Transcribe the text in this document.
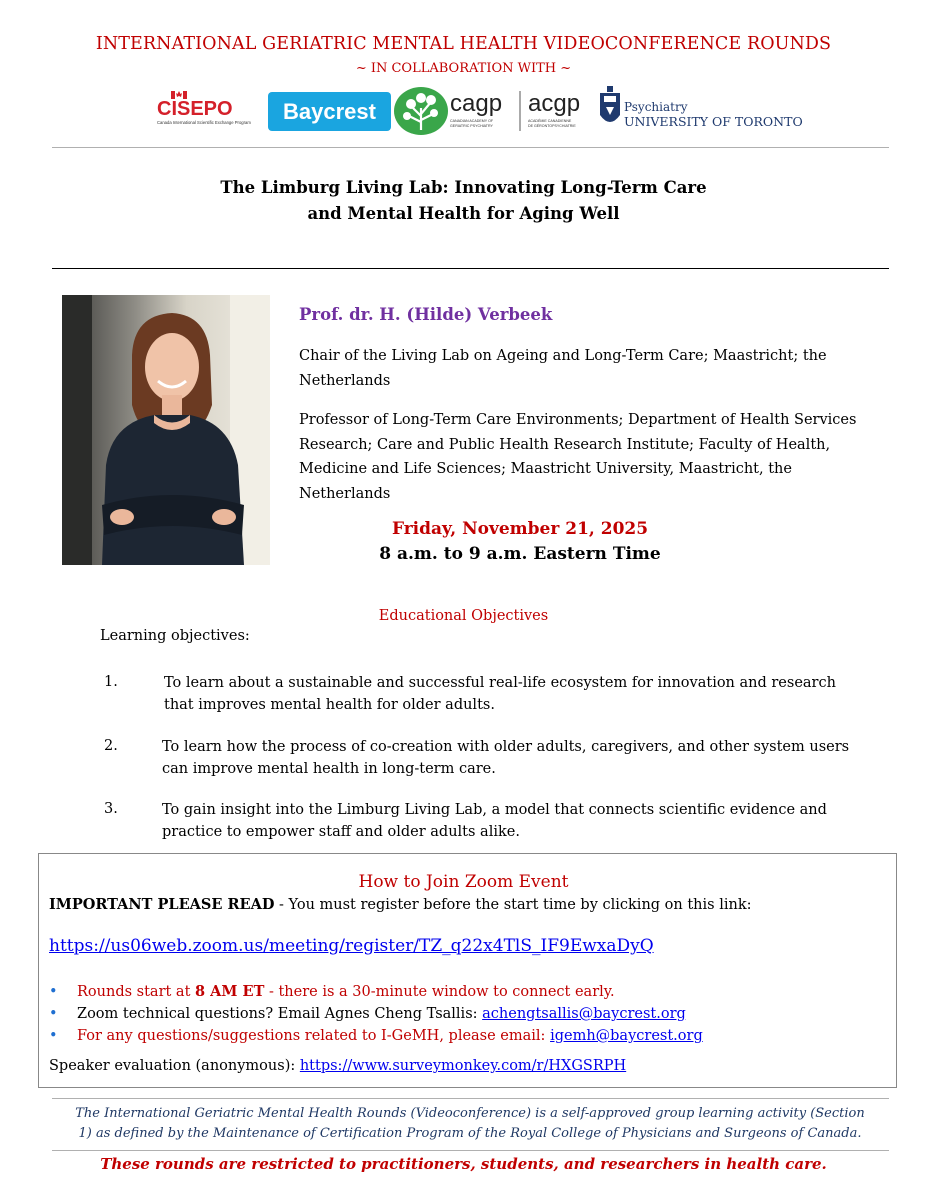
INTERNATIONAL GERIATRIC MENTAL HEALTH VIDEOCONFERENCE ROUNDS
~ IN COLLABORATION WITH ~
CISEPO
Canada International Scientific Exchange Program	Baycrest	cagp
CANADIAN ACADEMY OF
GERIATRIC PSYCHIATRY
acgp
ACADÉMIE CANADIENNE
DE GÉRONTOPSYCHIATRIE
Psychiatry
UNIVERSITY OF TORONTO
The Limburg Living Lab: Innovating Long-Term Care
and Mental Health for Aging Well
Prof. dr. H. (Hilde) Verbeek
Chair of the Living Lab on Ageing and Long-Term Care; Maastricht; the Netherlands
Professor of Long-Term Care Environments; Department of Health Services Research; Care and Public Health Research Institute; Faculty of Health, Medicine and Life Sciences; Maastricht University, Maastricht, the Netherlands
Friday, November 21, 2025
8 a.m. to 9 a.m. Eastern Time
Educational Objectives
Learning objectives:
1.	To learn about a sustainable and successful real-life ecosystem for innovation and research
that improves mental health for older adults.
2.	To learn how the process of co-creation with older adults, caregivers, and other system users
can improve mental health in long-term care.
3.	To gain insight into the Limburg Living Lab, a model that connects scientific evidence and
practice to empower staff and older adults alike.
How to Join Zoom Event
IMPORTANT PLEASE READ - You must register before the start time by clicking on this link:
https://us06web.zoom.us/meeting/register/TZ_q22x4TlS_IF9EwxaDyQ
• Rounds start at 8 AM ET - there is a 30-minute window to connect early.
• Zoom technical questions? Email Agnes Cheng Tsallis: achengtsallis@baycrest.org
• For any questions/suggestions related to I-GeMH, please email: igemh@baycrest.org
Speaker evaluation (anonymous): https://www.surveymonkey.com/r/HXGSRPH
The International Geriatric Mental Health Rounds (Videoconference) is a self-approved group learning activity (Section 1) as defined by the Maintenance of Certification Program of the Royal College of Physicians and Surgeons of Canada.
These rounds are restricted to practitioners, students, and researchers in health care.
